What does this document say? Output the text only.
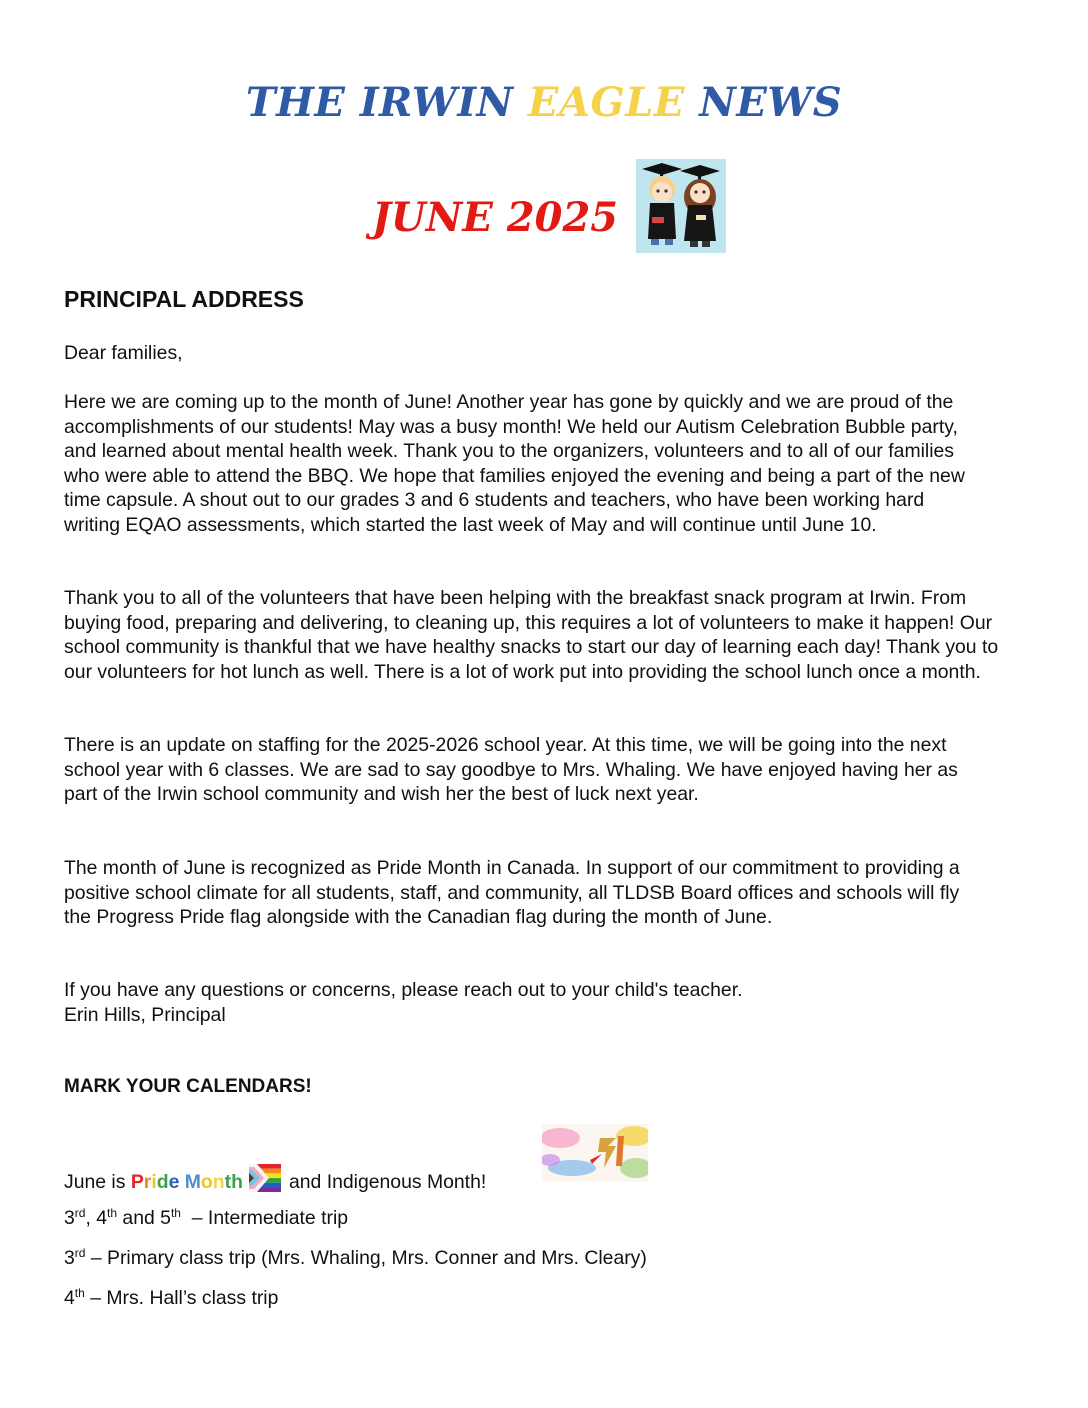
THE IRWIN EAGLE NEWS
JUNE 2025
PRINCIPAL ADDRESS

Dear families,

Here we are coming up to the month of June! Another year has gone by quickly and we are proud of the accomplishments of our students! May was a busy month! We held our Autism Celebration Bubble party, and learned about mental health week. Thank you to the organizers, volunteers and to all of our families who were able to attend the BBQ. We hope that families enjoyed the evening and being a part of the new time capsule. A shout out to our grades 3 and 6 students and teachers, who have been working hard writing EQAO assessments, which started the last week of May and will continue until June 10.

Thank you to all of the volunteers that have been helping with the breakfast snack program at Irwin. From buying food, preparing and delivering, to cleaning up, this requires a lot of volunteers to make it happen! Our school community is thankful that we have healthy snacks to start our day of learning each day! Thank you to our volunteers for hot lunch as well. There is a lot of work put into providing the school lunch once a month.

There is an update on staffing for the 2025-2026 school year. At this time, we will be going into the next school year with 6 classes. We are sad to say goodbye to Mrs. Whaling. We have enjoyed having her as part of the Irwin school community and wish her the best of luck next year.

The month of June is recognized as Pride Month in Canada. In support of our commitment to providing a positive school climate for all students, staff, and community, all TLDSB Board offices and schools will fly the Progress Pride flag alongside with the Canadian flag during the month of June.

If you have any questions or concerns, please reach out to your child's teacher.

Erin Hills, Principal

MARK YOUR CALENDARS!
June is Pride Month and Indigenous Month!
3rd, 4th and 5th  – Intermediate trip
3rd – Primary class trip (Mrs. Whaling, Mrs. Conner and Mrs. Cleary)
4th – Mrs. Hall’s class trip
